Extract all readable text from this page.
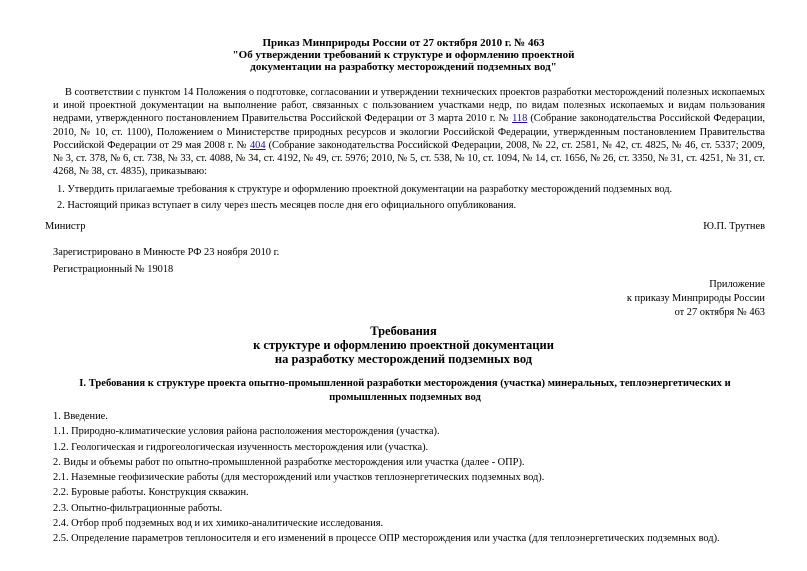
Приказ Минприроды России от 27 октября 2010 г. № 463
"Об утверждении требований к структуре и оформлению проектной
документации на разработку месторождений подземных вод"

В соответствии с пунктом 14 Положения о подготовке, согласовании и утверждении технических проектов разработки месторождений полезных ископаемых и иной проектной документации на выполнение работ, связанных с пользованием участками недр, по видам полезных ископаемых и видам пользования недрами, утвержденного постановлением Правительства Российской Федерации от 3 марта 2010 г. № 118 (Собрание законодательства Российской Федерации, 2010, № 10, ст. 1100), Положением о Министерстве природных ресурсов и экологии Российской Федерации, утвержденным постановлением Правительства Российской Федерации от 29 мая 2008 г. № 404 (Собрание законодательства Российской Федерации, 2008, № 22, ст. 2581, № 42, ст. 4825, № 46, ст. 5337; 2009, № 3, ст. 378, № 6, ст. 738, № 33, ст. 4088, № 34, ст. 4192, № 49, ст. 5976; 2010, № 5, ст. 538, № 10, ст. 1094, № 14, ст. 1656, № 26, ст. 3350, № 31, ст. 4251, № 31, ст. 4268, № 38, ст. 4835), приказываю:

1. Утвердить прилагаемые требования к структуре и оформлению проектной документации на разработку месторождений подземных вод.
2. Настоящий приказ вступает в силу через шесть месяцев после дня его официального опубликования.
Министр	Ю.П. Трутнев
Зарегистрировано в Минюсте РФ 23 ноября 2010 г.
Регистрационный № 19018
Приложение
к приказу Минприроды России
от 27 октября № 463
Требования
к структуре и оформлению проектной документации
на разработку месторождений подземных вод
I. Требования к структуре проекта опытно-промышленной разработки месторождения (участка) минеральных, теплоэнергетических и
промышленных подземных вод
1. Введение.
1.1. Природно-климатические условия района расположения месторождения (участка).
1.2. Геологическая и гидрогеологическая изученность месторождения или (участка).
2. Виды и объемы работ по опытно-промышленной разработке месторождения или участка (далее - ОПР).
2.1. Наземные геофизические работы (для месторождений или участков теплоэнергетических подземных вод).
2.2. Буровые работы. Конструкция скважин.
2.3. Опытно-фильтрационные работы.
2.4. Отбор проб подземных вод и их химико-аналитические исследования.
2.5. Определение параметров теплоносителя и его изменений в процессе ОПР месторождения или участка (для теплоэнергетических подземных вод).
